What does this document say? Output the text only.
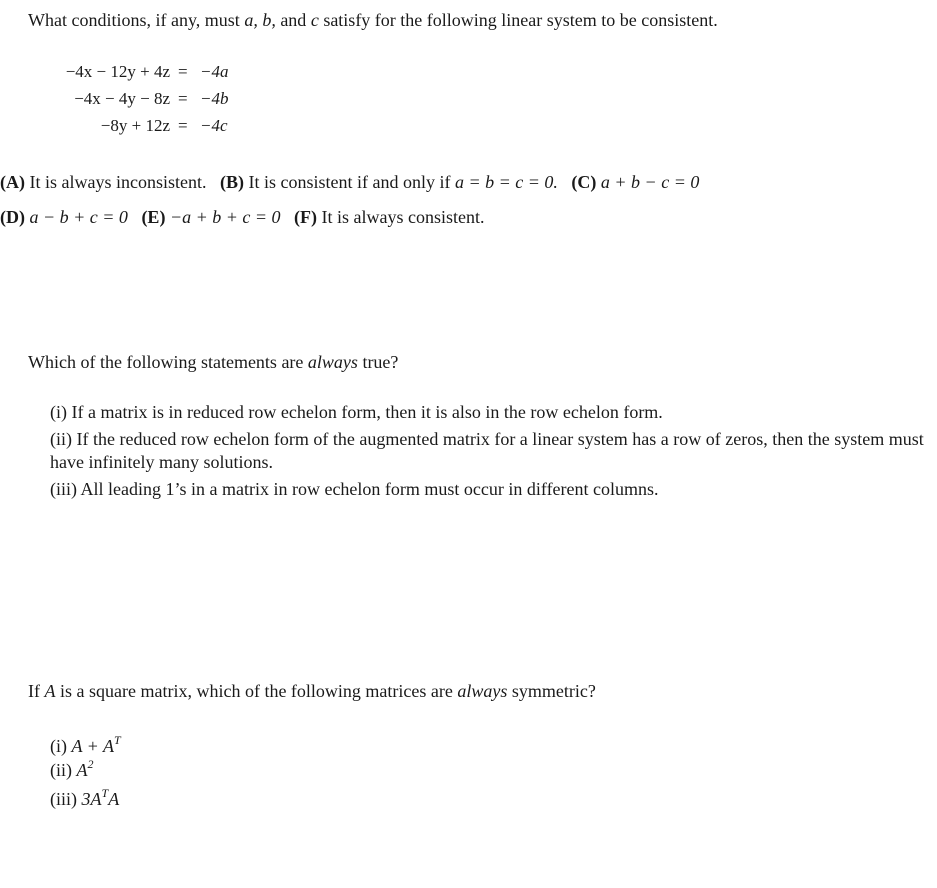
What conditions, if any, must a, b, and c satisfy for the following linear system to be consistent.
−4x − 12y + 4z = −4a
−4x − 4y − 8z = −4b
−8y + 12z = −4c
(A) It is always inconsistent. (B) It is consistent if and only if a = b = c = 0. (C) a + b − c = 0
(D) a − b + c = 0 (E) −a + b + c = 0 (F) It is always consistent.
Which of the following statements are always true?
(i) If a matrix is in reduced row echelon form, then it is also in the row echelon form.
(ii) If the reduced row echelon form of the augmented matrix for a linear system has a row of zeros, then the system must have infinitely many solutions.
(iii) All leading 1’s in a matrix in row echelon form must occur in different columns.
If A is a square matrix, which of the following matrices are always symmetric?
(i) $A + A^T$
(ii) $A^2$
(iii) $3A^TA$
